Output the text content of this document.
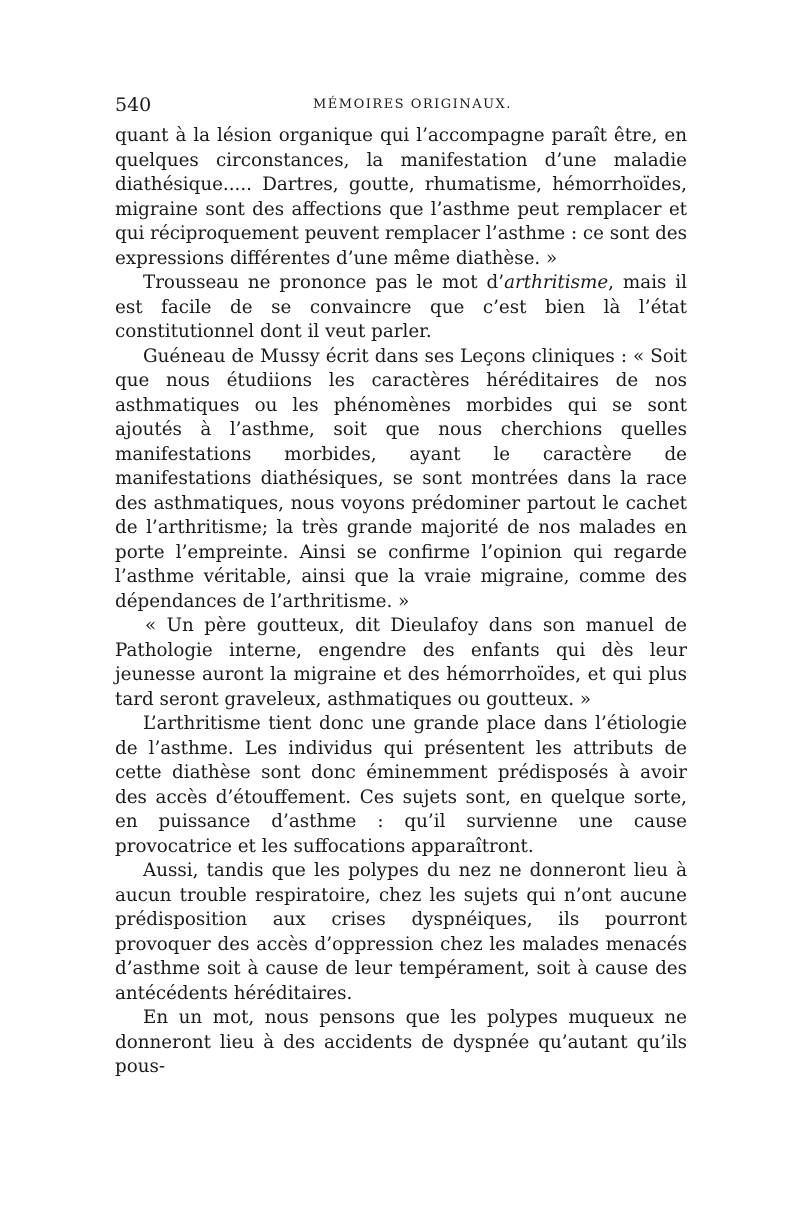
540	MÉMOIRES ORIGINAUX.

quant à la lésion organique qui l’accompagne paraît être, en quelques circonstances, la manifestation d’une maladie diathésique..... Dartres, goutte, rhumatisme, hémorrhoïdes, migraine sont des affections que l’asthme peut remplacer et qui réciproquement peuvent remplacer l’asthme : ce sont des expressions différentes d’une même diathèse. »

Trousseau ne prononce pas le mot d’arthritisme, mais il est facile de se convaincre que c’est bien là l’état constitutionnel dont il veut parler.

Guéneau de Mussy écrit dans ses Leçons cliniques : « Soit que nous étudiions les caractères héréditaires de nos asthmatiques ou les phénomènes morbides qui se sont ajoutés à l’asthme, soit que nous cherchions quelles manifestations morbides, ayant le caractère de manifestations diathésiques, se sont montrées dans la race des asthmatiques, nous voyons prédominer partout le cachet de l’arthritisme; la très grande majorité de nos malades en porte l’empreinte. Ainsi se confirme l’opinion qui regarde l’asthme véritable, ainsi que la vraie migraine, comme des dépendances de l’arthritisme. »

« Un père goutteux, dit Dieulafoy dans son manuel de Pathologie interne, engendre des enfants qui dès leur jeunesse auront la migraine et des hémorrhoïdes, et qui plus tard seront graveleux, asthmatiques ou goutteux. »

L’arthritisme tient donc une grande place dans l’étiologie de l’asthme. Les individus qui présentent les attributs de cette diathèse sont donc éminemment prédisposés à avoir des accès d’étouffement. Ces sujets sont, en quelque sorte, en puissance d’asthme : qu’il survienne une cause provocatrice et les suffocations apparaîtront.

Aussi, tandis que les polypes du nez ne donneront lieu à aucun trouble respiratoire, chez les sujets qui n’ont aucune prédisposition aux crises dyspnéiques, ils pourront provoquer des accès d’oppression chez les malades menacés d’asthme soit à cause de leur tempérament, soit à cause des antécédents héréditaires.

En un mot, nous pensons que les polypes muqueux ne donneront lieu à des accidents de dyspnée qu’autant qu’ils pous-
